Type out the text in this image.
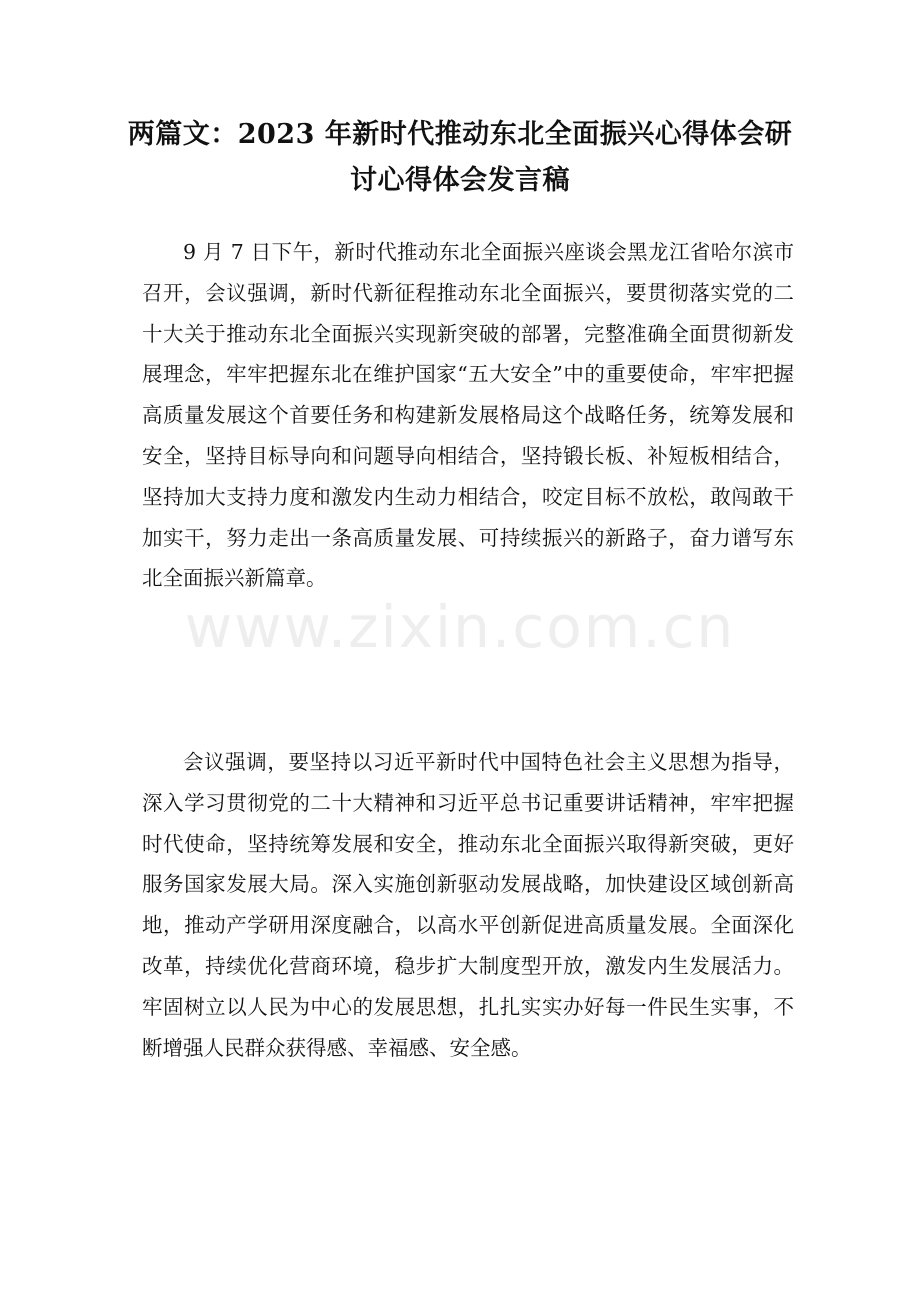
两篇文：2023 年新时代推动东北全面振兴心得体会研
讨心得体会发言稿

9 月 7 日下午，新时代推动东北全面振兴座谈会黑龙江省哈尔滨市召开，会议强调，新时代新征程推动东北全面振兴，要贯彻落实党的二十大关于推动东北全面振兴实现新突破的部署，完整准确全面贯彻新发展理念，牢牢把握东北在维护国家“五大安全”中的重要使命，牢牢把握高质量发展这个首要任务和构建新发展格局这个战略任务，统筹发展和安全，坚持目标导向和问题导向相结合，坚持锻长板、补短板相结合，坚持加大支持力度和激发内生动力相结合，咬定目标不放松，敢闯敢干加实干，努力走出一条高质量发展、可持续振兴的新路子，奋力谱写东北全面振兴新篇章。

会议强调，要坚持以习近平新时代中国特色社会主义思想为指导，深入学习贯彻党的二十大精神和习近平总书记重要讲话精神，牢牢把握时代使命，坚持统筹发展和安全，推动东北全面振兴取得新突破，更好服务国家发展大局。深入实施创新驱动发展战略，加快建设区域创新高地，推动产学研用深度融合，以高水平创新促进高质量发展。全面深化改革，持续优化营商环境，稳步扩大制度型开放，激发内生发展活力。牢固树立以人民为中心的发展思想，扎扎实实办好每一件民生实事，不断增强人民群众获得感、幸福感、安全感。

www.zixin.com.cn
